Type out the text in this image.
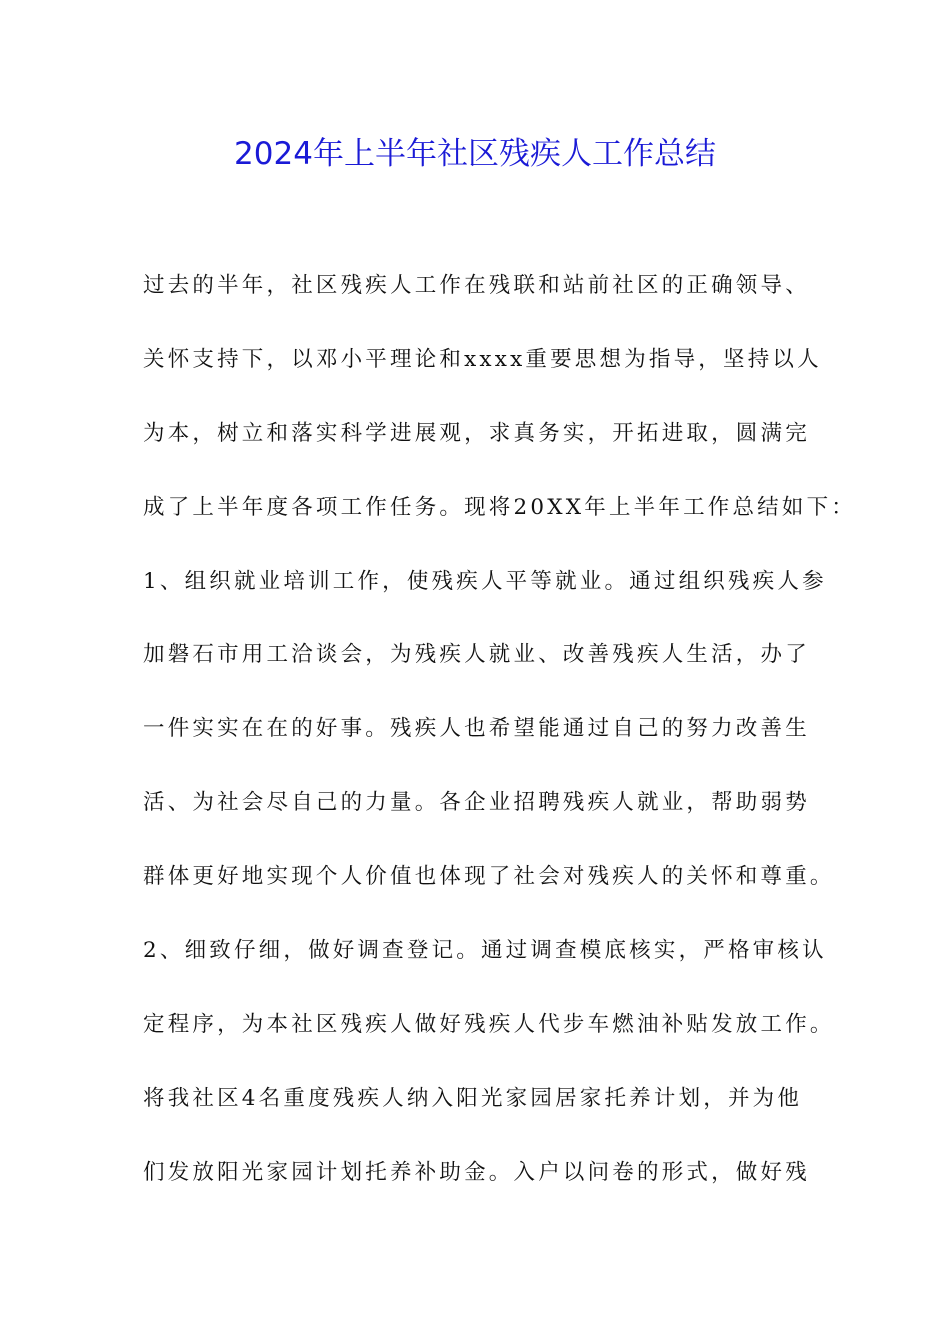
2024年上半年社区残疾人工作总结
过去的半年，社区残疾人工作在残联和站前社区的正确领导、
关怀支持下，以邓小平理论和xxxx重要思想为指导，坚持以人
为本，树立和落实科学进展观，求真务实，开拓进取，圆满完
成了上半年度各项工作任务。现将20XX年上半年工作总结如下：
1、组织就业培训工作，使残疾人平等就业。通过组织残疾人参
加磐石市用工洽谈会，为残疾人就业、改善残疾人生活，办了
一件实实在在的好事。残疾人也希望能通过自己的努力改善生
活、为社会尽自己的力量。各企业招聘残疾人就业，帮助弱势
群体更好地实现个人价值也体现了社会对残疾人的关怀和尊重。
2、细致仔细，做好调查登记。通过调查模底核实，严格审核认
定程序，为本社区残疾人做好残疾人代步车燃油补贴发放工作。
将我社区4名重度残疾人纳入阳光家园居家托养计划，并为他
们发放阳光家园计划托养补助金。入户以问卷的形式，做好残
